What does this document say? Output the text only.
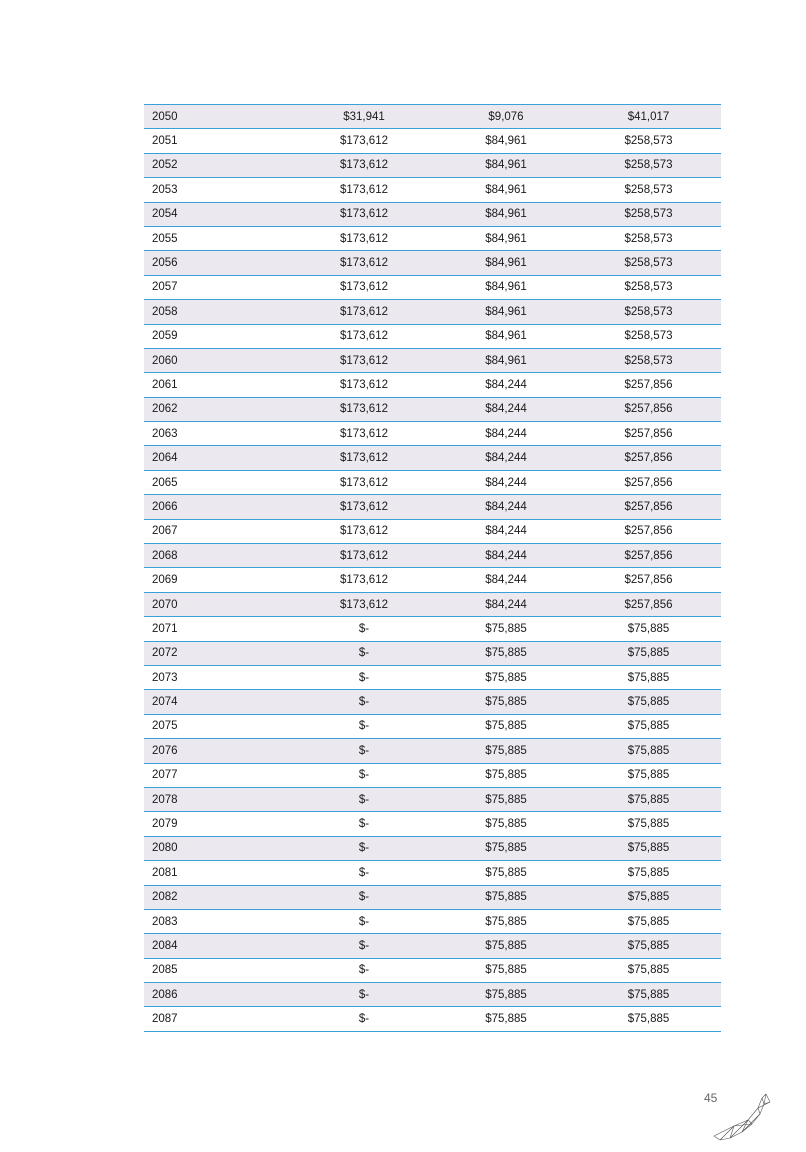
2050	$31,941	$9,076	$41,017
2051	$173,612	$84,961	$258,573
2052	$173,612	$84,961	$258,573
2053	$173,612	$84,961	$258,573
2054	$173,612	$84,961	$258,573
2055	$173,612	$84,961	$258,573
2056	$173,612	$84,961	$258,573
2057	$173,612	$84,961	$258,573
2058	$173,612	$84,961	$258,573
2059	$173,612	$84,961	$258,573
2060	$173,612	$84,961	$258,573
2061	$173,612	$84,244	$257,856
2062	$173,612	$84,244	$257,856
2063	$173,612	$84,244	$257,856
2064	$173,612	$84,244	$257,856
2065	$173,612	$84,244	$257,856
2066	$173,612	$84,244	$257,856
2067	$173,612	$84,244	$257,856
2068	$173,612	$84,244	$257,856
2069	$173,612	$84,244	$257,856
2070	$173,612	$84,244	$257,856
2071	$-	$75,885	$75,885
2072	$-	$75,885	$75,885
2073	$-	$75,885	$75,885
2074	$-	$75,885	$75,885
2075	$-	$75,885	$75,885
2076	$-	$75,885	$75,885
2077	$-	$75,885	$75,885
2078	$-	$75,885	$75,885
2079	$-	$75,885	$75,885
2080	$-	$75,885	$75,885
2081	$-	$75,885	$75,885
2082	$-	$75,885	$75,885
2083	$-	$75,885	$75,885
2084	$-	$75,885	$75,885
2085	$-	$75,885	$75,885
2086	$-	$75,885	$75,885
2087	$-	$75,885	$75,885
45
